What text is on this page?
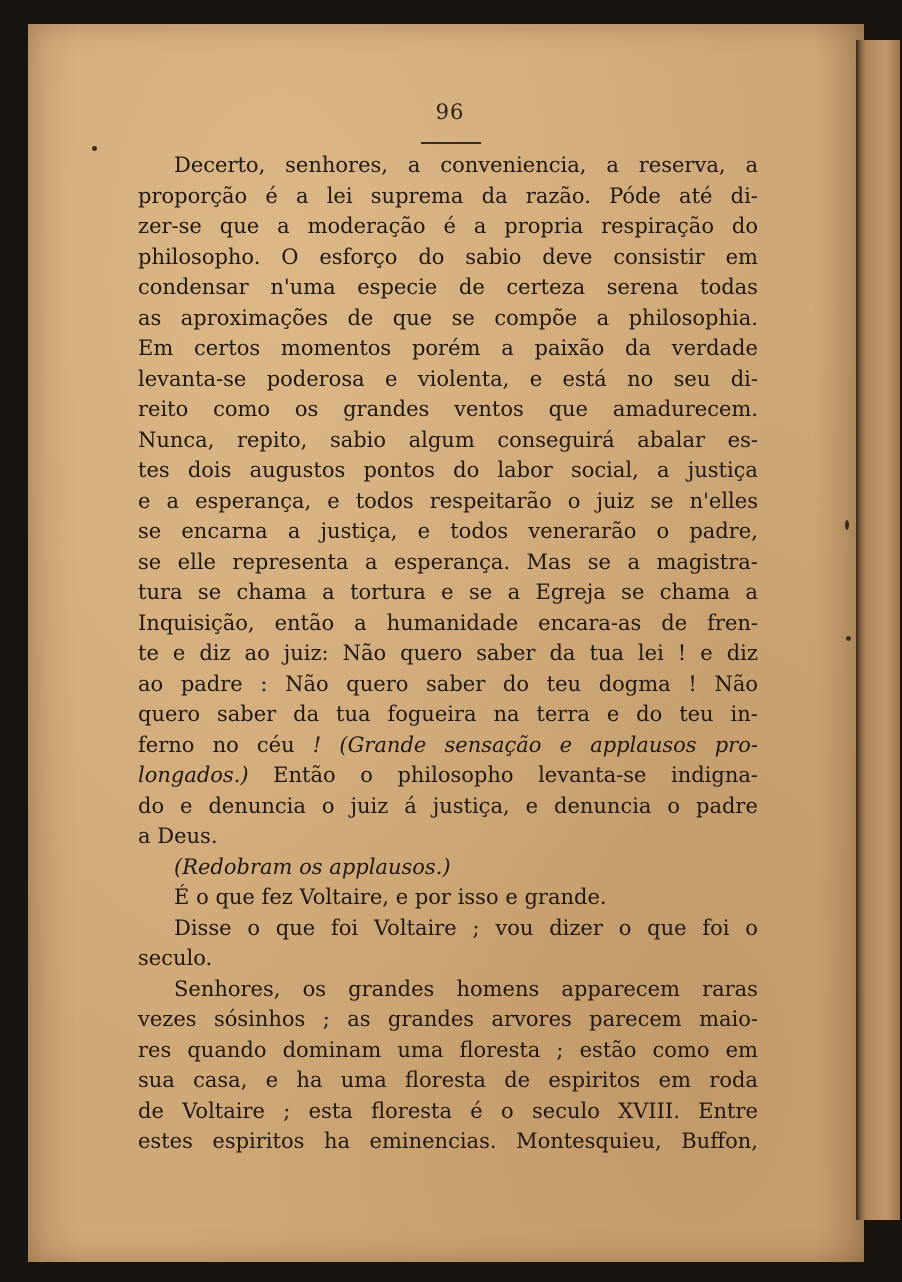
96
Decerto, senhores, a conveniencia, a reserva, a
proporção é a lei suprema da razão. Póde até di-
zer-se que a moderação é a propria respiração do
philosopho. O esforço do sabio deve consistir em
condensar n'uma especie de certeza serena todas
as aproximações de que se compõe a philosophia.
Em certos momentos porém a paixão da verdade
levanta-se poderosa e violenta, e está no seu di-
reito como os grandes ventos que amadurecem.
Nunca, repito, sabio algum conseguirá abalar es-
tes dois augustos pontos do labor social, a justiça
e a esperança, e todos respeitarão o juiz se n'elles
se encarna a justiça, e todos venerarão o padre,
se elle representa a esperança. Mas se a magistra-
tura se chama a tortura e se a Egreja se chama a
Inquisição, então a humanidade encara-as de fren-
te e diz ao juiz: Não quero saber da tua lei ! e diz
ao padre : Não quero saber do teu dogma ! Não
quero saber da tua fogueira na terra e do teu in-
ferno no céu ! (Grande sensação e applausos pro-
longados.) Então o philosopho levanta-se indigna-
do e denuncia o juiz á justiça, e denuncia o padre
a Deus.
(Redobram os applausos.)
É o que fez Voltaire, e por isso e grande.
Disse o que foi Voltaire ; vou dizer o que foi o
seculo.
Senhores, os grandes homens apparecem raras
vezes sósinhos ; as grandes arvores parecem maio-
res quando dominam uma floresta ; estão como em
sua casa, e ha uma floresta de espiritos em roda
de Voltaire ; esta floresta é o seculo XVIII. Entre
estes espiritos ha eminencias. Montesquieu, Buffon,
